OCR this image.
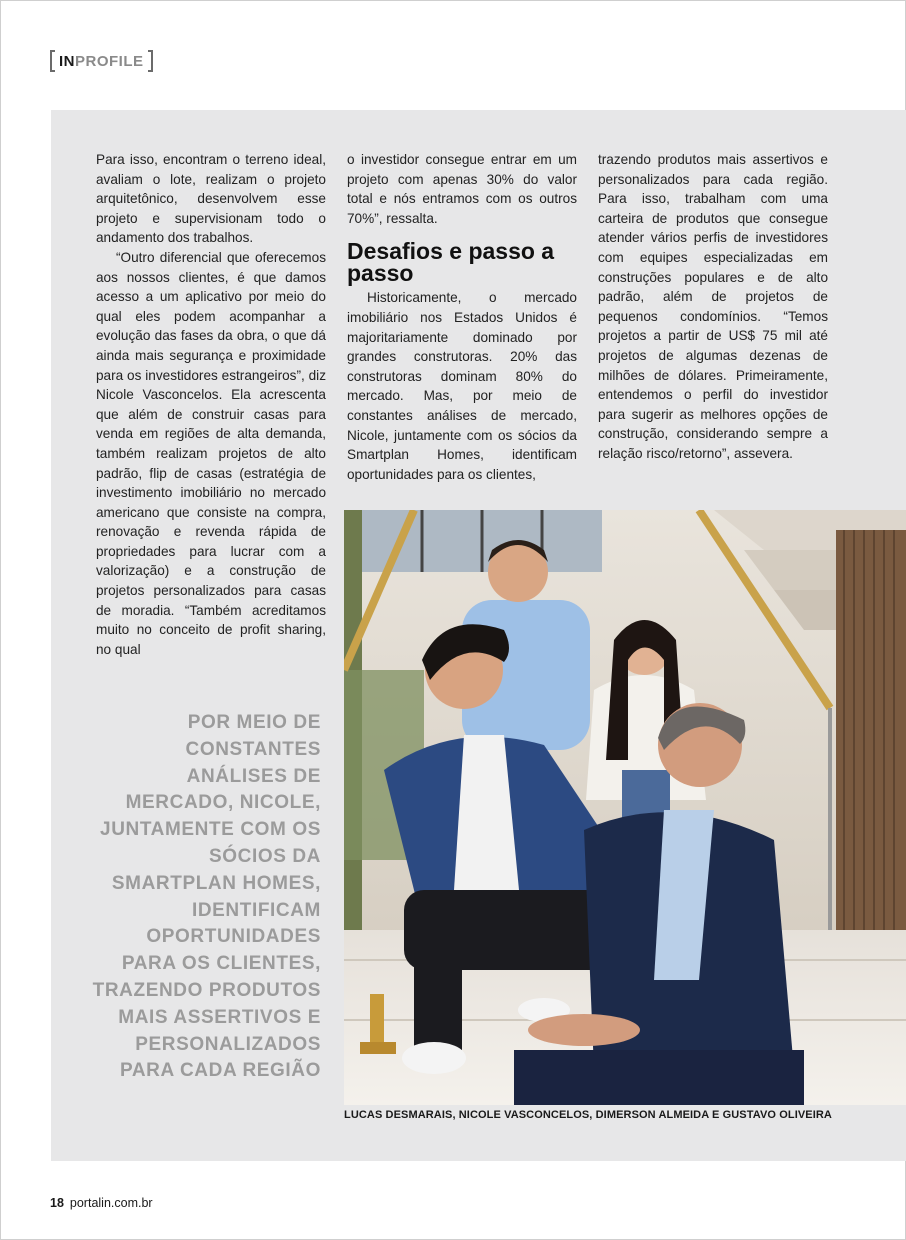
IN PROFILE

Para isso, encontram o terreno ideal, avaliam o lote, realizam o projeto arquitetônico, desenvolvem esse projeto e supervisionam todo o andamento dos trabalhos.

“Outro diferencial que oferecemos aos nossos clientes, é que damos acesso a um aplicativo por meio do qual eles podem acompanhar a evolução das fases da obra, o que dá ainda mais segurança e proximidade para os investidores estrangeiros”, diz Nicole Vasconcelos. Ela acrescenta que além de construir casas para venda em regiões de alta demanda, também realizam projetos de alto padrão, flip de casas (estratégia de investimento imobiliário no mercado americano que consiste na compra, renovação e revenda rápida de propriedades para lucrar com a valorização) e a construção de projetos personalizados para casas de moradia. “Também acreditamos muito no conceito de profit sharing, no qual

o investidor consegue entrar em um projeto com apenas 30% do valor total e nós entramos com os outros 70%”, ressalta.

Desafios e passo a passo

Historicamente, o mercado imobiliário nos Estados Unidos é majoritariamente dominado por grandes construtoras. 20% das construtoras dominam 80% do mercado. Mas, por meio de constantes análises de mercado, Nicole, juntamente com os sócios da Smartplan Homes, identificam oportunidades para os clientes,

trazendo produtos mais assertivos e personalizados para cada região. Para isso, trabalham com uma carteira de produtos que consegue atender vários perfis de investidores com equipes especializadas em construções populares e de alto padrão, além de projetos de pequenos condomínios. “Temos projetos a partir de US$ 75 mil até projetos de algumas dezenas de milhões de dólares. Primeiramente, entendemos o perfil do investidor para sugerir as melhores opções de construção, considerando sempre a relação risco/retorno”, assevera.

POR MEIO DE CONSTANTES ANÁLISES DE MERCADO, NICOLE, JUNTAMENTE COM OS SÓCIOS DA SMARTPLAN HOMES, IDENTIFICAM OPORTUNIDADES PARA OS CLIENTES, TRAZENDO PRODUTOS MAIS ASSERTIVOS E PERSONALIZADOS PARA CADA REGIÃO
LUCAS DESMARAIS, NICOLE VASCONCELOS, DIMERSON ALMEIDA E GUSTAVO OLIVEIRA
18 portalin.com.br
